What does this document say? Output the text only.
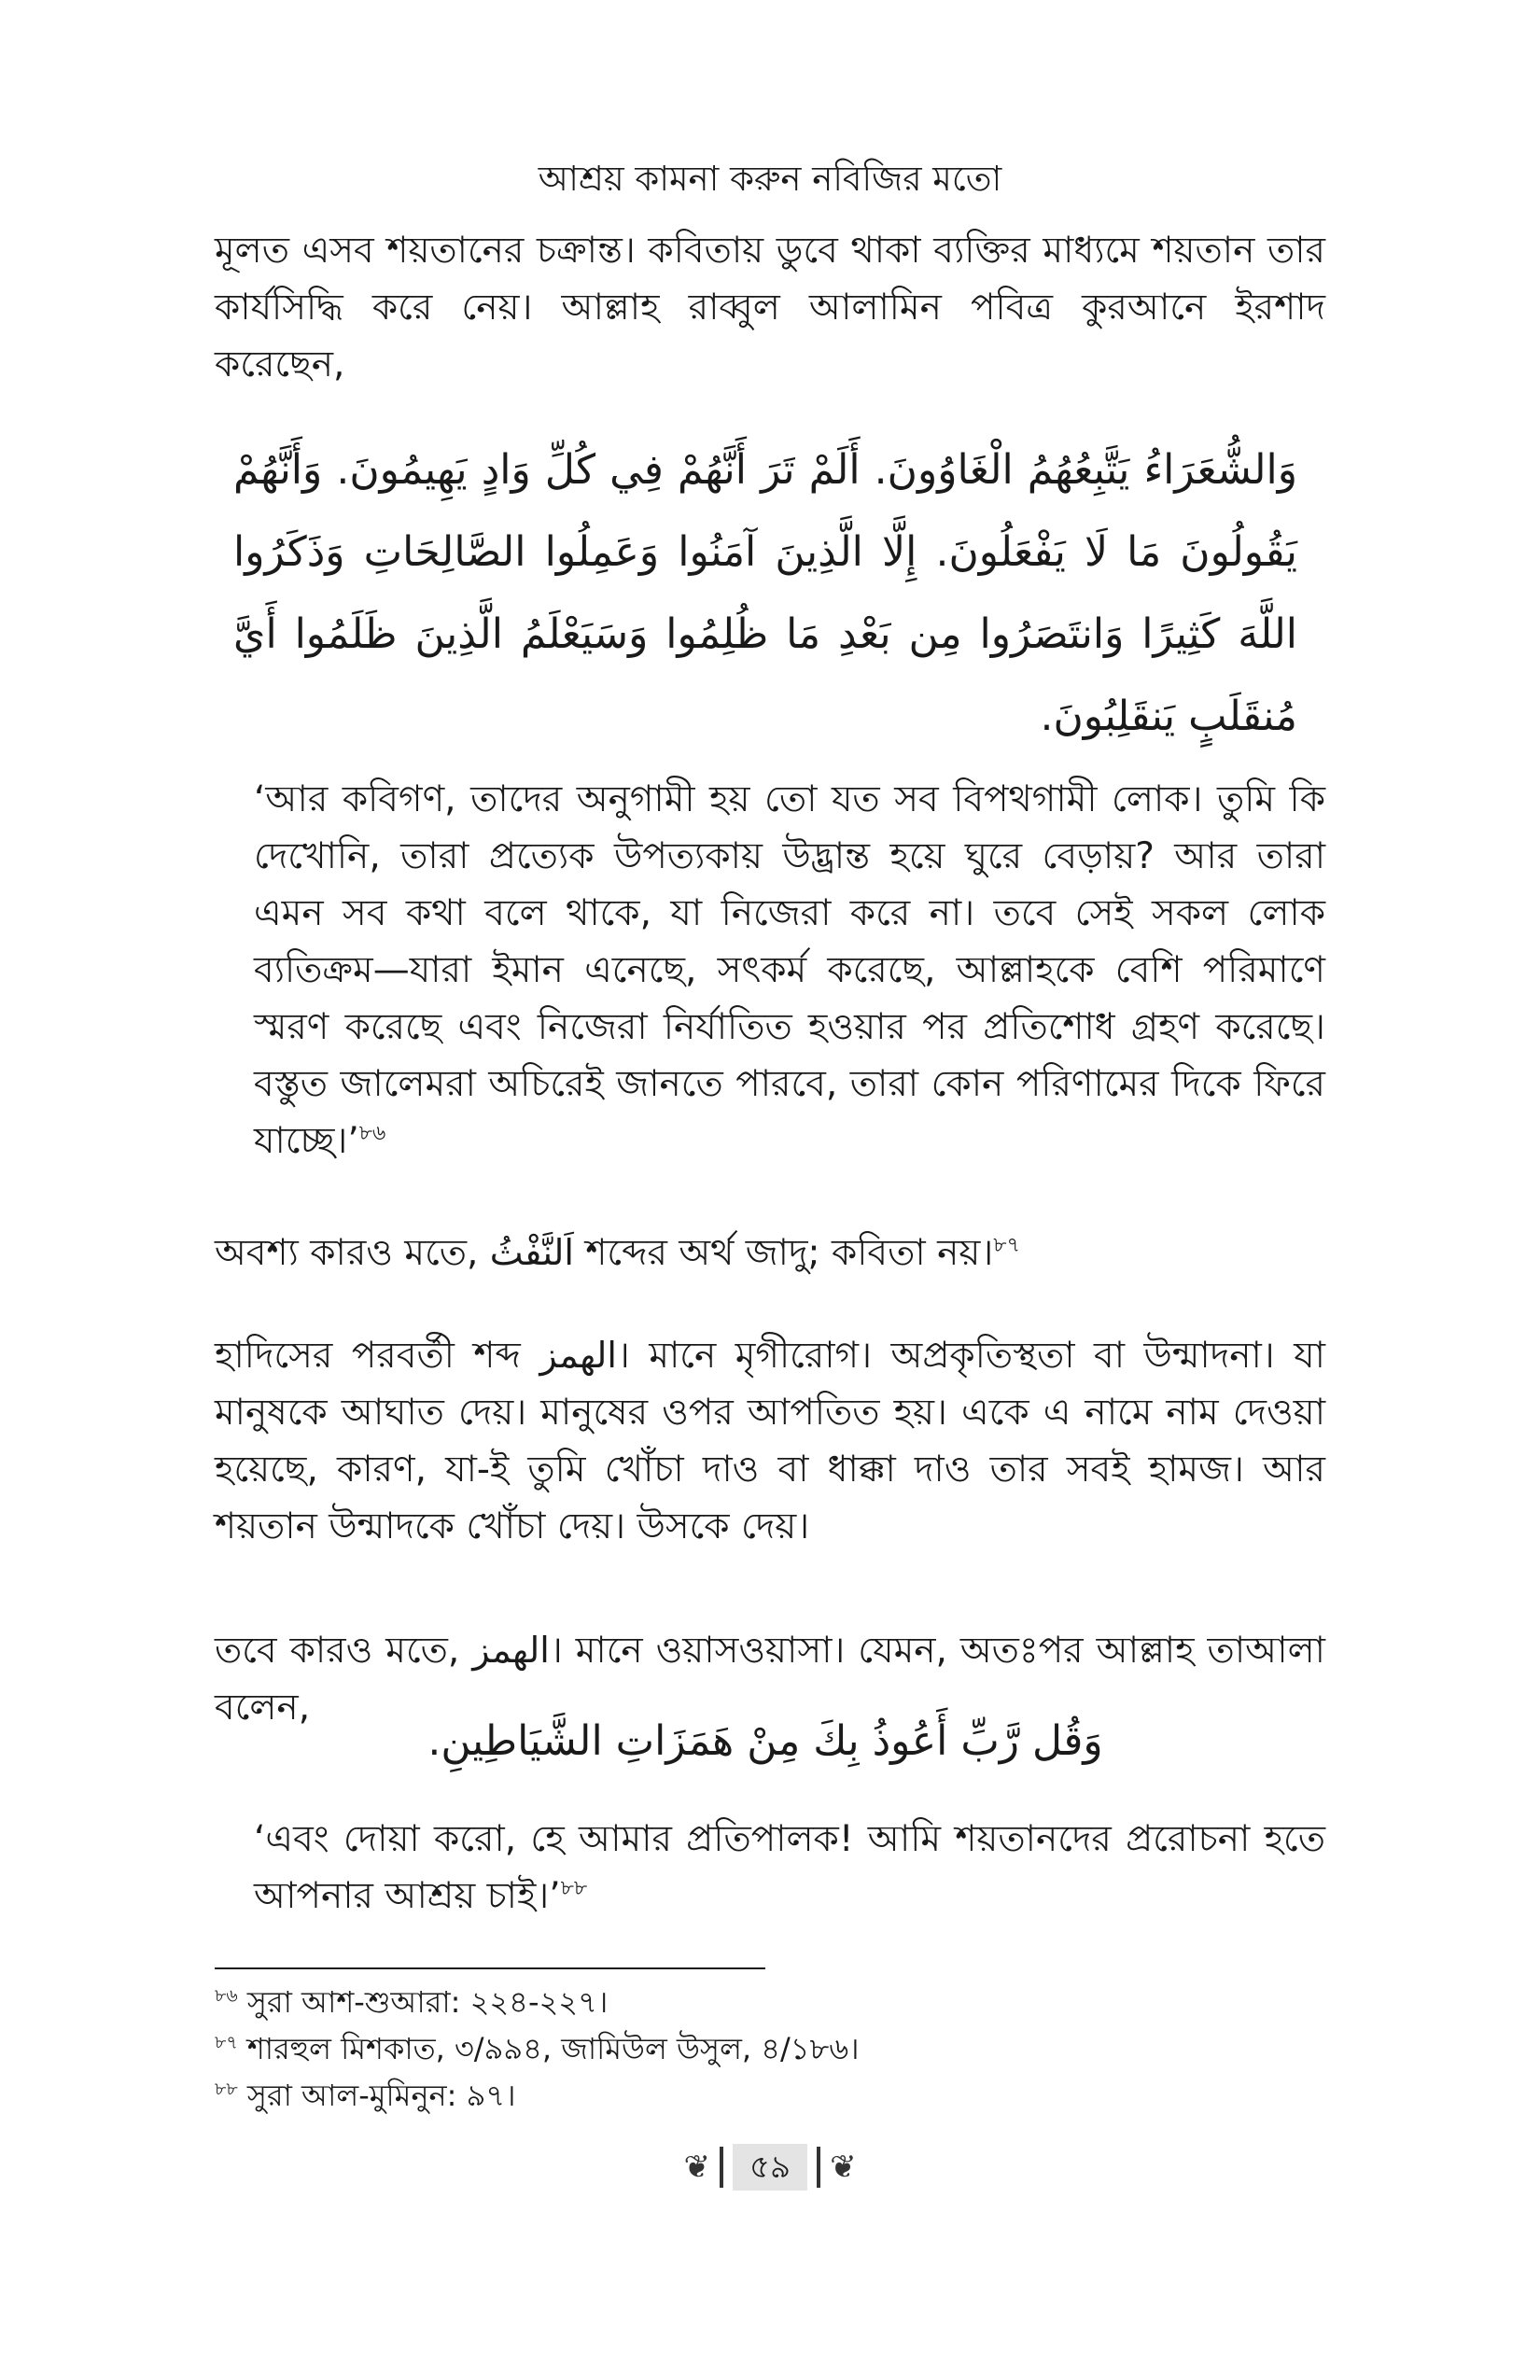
আশ্রয় কামনা করুন নবিজির মতো
মূলত এসব শয়তানের চক্রান্ত। কবিতায় ডুবে থাকা ব্যক্তির মাধ্যমে শয়তান তার কার্যসিদ্ধি করে নেয়। আল্লাহ রাব্বুল আলামিন পবিত্র কুরআনে ইরশাদ করেছেন,
وَالشُّعَرَاءُ يَتَّبِعُهُمُ الْغَاوُونَ. أَلَمْ تَرَ أَنَّهُمْ فِي كُلِّ وَادٍ يَهِيمُونَ. وَأَنَّهُمْ يَقُولُونَ مَا لَا يَفْعَلُونَ. إِلَّا الَّذِينَ آمَنُوا وَعَمِلُوا الصَّالِحَاتِ وَذَكَرُوا اللَّهَ كَثِيرًا وَانتَصَرُوا مِن بَعْدِ مَا ظُلِمُوا وَسَيَعْلَمُ الَّذِينَ ظَلَمُوا أَيَّ مُنقَلَبٍ يَنقَلِبُونَ.
‘আর কবিগণ, তাদের অনুগামী হয় তো যত সব বিপথগামী লোক। তুমি কি দেখোনি, তারা প্রত্যেক উপত্যকায় উদ্ভ্রান্ত হয়ে ঘুরে বেড়ায়? আর তারা এমন সব কথা বলে থাকে, যা নিজেরা করে না। তবে সেই সকল লোক ব্যতিক্রম—যারা ইমান এনেছে, সৎকর্ম করেছে, আল্লাহকে বেশি পরিমাণে স্মরণ করেছে এবং নিজেরা নির্যাতিত হওয়ার পর প্রতিশোধ গ্রহণ করেছে। বস্তুত জালেমরা অচিরেই জানতে পারবে, তারা কোন পরিণামের দিকে ফিরে যাচ্ছে।’$^{৮৬}$
অবশ্য কারও মতে, اَلنَّفْثُ শব্দের অর্থ জাদু; কবিতা নয়।$^{৮৭}$
হাদিসের পরবর্তী শব্দ الهمز। মানে মৃগীরোগ। অপ্রকৃতিস্থতা বা উন্মাদনা। যা মানুষকে আঘাত দেয়। মানুষের ওপর আপতিত হয়। একে এ নামে নাম দেওয়া হয়েছে, কারণ, যা-ই তুমি খোঁচা দাও বা ধাক্কা দাও তার সবই হামজ। আর শয়তান উন্মাদকে খোঁচা দেয়। উসকে দেয়।
তবে কারও মতে, الهمز। মানে ওয়াসওয়াসা। যেমন, অতঃপর আল্লাহ তাআলা বলেন,
وَقُل رَّبِّ أَعُوذُ بِكَ مِنْ هَمَزَاتِ الشَّيَاطِينِ.
‘এবং দোয়া করো, হে আমার প্রতিপালক! আমি শয়তানদের প্ররোচনা হতে আপনার আশ্রয় চাই।’$^{৮৮}$
$^{৮৬}$ সুরা আশ-শুআরা: ২২৪-২২৭।
$^{৮৭}$ শারহুল মিশকাত, ৩/৯৯৪, জামিউল উসুল, ৪/১৮৬।
$^{৮৮}$ সুরা আল-মুমিনুন: ৯৭।
❦	৫৯	❦
